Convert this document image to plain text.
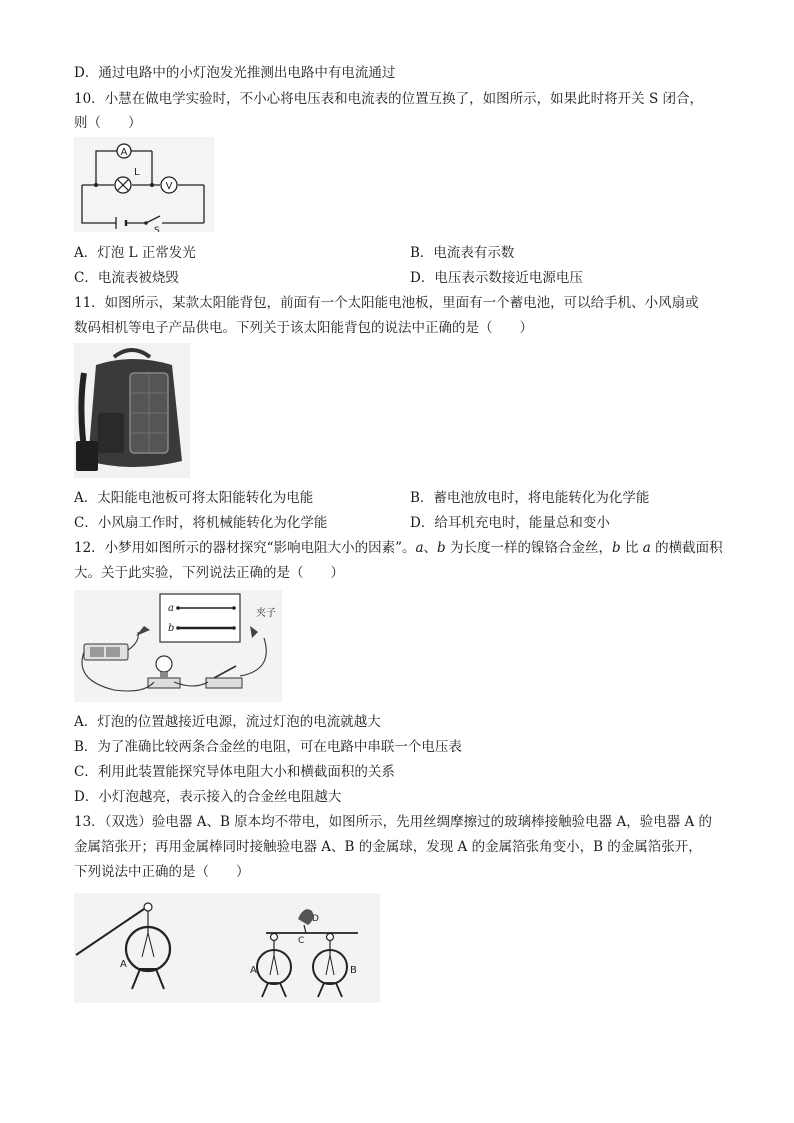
D．通过电路中的小灯泡发光推测出电路中有电流通过
10．小慧在做电学实验时，不小心将电压表和电流表的位置互换了，如图所示，如果此时将开关 S 闭合，
则（　　）
A
L
V
S
A．灯泡 L 正常发光	B．电流表有示数
C．电流表被烧毁	D．电压表示数接近电源电压
11．如图所示，某款太阳能背包，前面有一个太阳能电池板，里面有一个蓄电池，可以给手机、小风扇或
数码相机等电子产品供电。下列关于该太阳能背包的说法中正确的是（　　）
A．太阳能电池板可将太阳能转化为电能	B．蓄电池放电时，将电能转化为化学能
C．小风扇工作时，将机械能转化为化学能	D．给耳机充电时，能量总和变小
12．小梦用如图所示的器材探究“影响电阻大小的因素”。a、b 为长度一样的镍铬合金丝，b 比 a 的横截面积
大。关于此实验，下列说法正确的是（　　）
a
b
夹子
A．灯泡的位置越接近电源，流过灯泡的电流就越大
B．为了准确比较两条合金丝的电阻，可在电路中串联一个电压表
C．利用此装置能探究导体电阻大小和横截面积的关系
D．小灯泡越亮，表示接入的合金丝电阻越大
13．（双选）验电器 A、B 原本均不带电，如图所示，先用丝绸摩擦过的玻璃棒接触验电器 A，验电器 A 的
金属箔张开；再用金属棒同时接触验电器 A、B 的金属球，发现 A 的金属箔张角变小，B 的金属箔张开，
下列说法中正确的是（　　）
A
D
C
A	B
